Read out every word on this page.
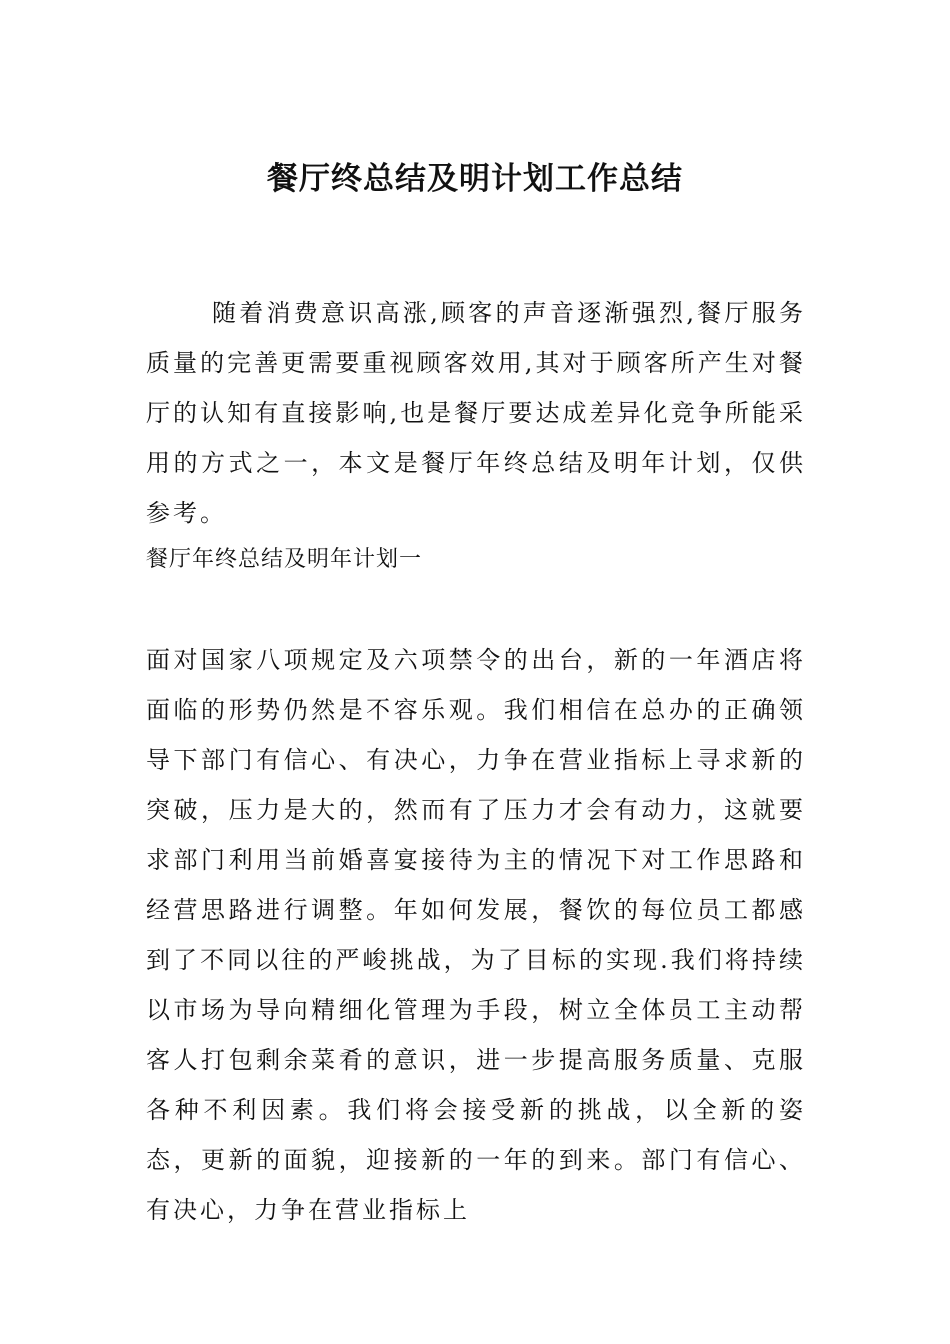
餐厅终总结及明计划工作总结

随着消费意识高涨,顾客的声音逐渐强烈,餐厅服务质量的完善更需要重视顾客效用,其对于顾客所产生对餐厅的认知有直接影响,也是餐厅要达成差异化竞争所能采用的方式之一，本文是餐厅年终总结及明年计划，仅供参考。

餐厅年终总结及明年计划一

面对国家八项规定及六项禁令的出台，新的一年酒店将面临的形势仍然是不容乐观。我们相信在总办的正确领导下部门有信心、有决心，力争在营业指标上寻求新的突破，压力是大的，然而有了压力才会有动力，这就要求部门利用当前婚喜宴接待为主的情况下对工作思路和经营思路进行调整。年如何发展，餐饮的每位员工都感到了不同以往的严峻挑战，为了目标的实现.我们将持续以市场为导向精细化管理为手段，树立全体员工主动帮客人打包剩余菜肴的意识，进一步提高服务质量、克服各种不利因素。我们将会接受新的挑战，以全新的姿态，更新的面貌，迎接新的一年的到来。部门有信心、有决心，力争在营业指标上
